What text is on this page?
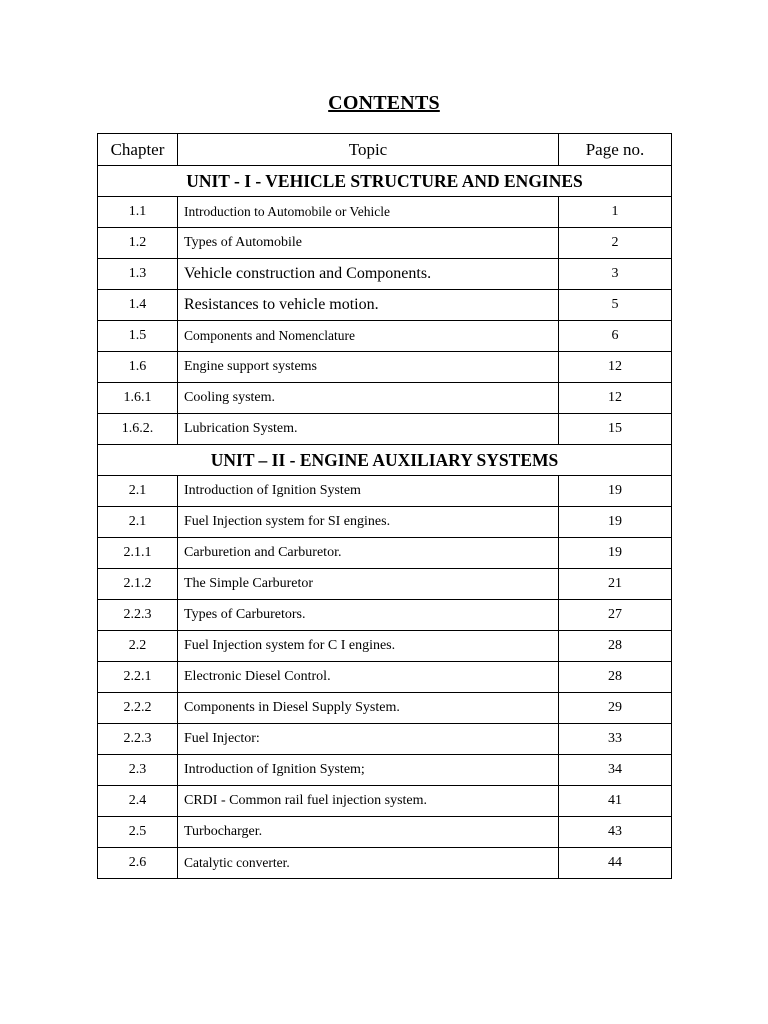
CONTENTS
Chapter	Topic	Page no.
UNIT - I - VEHICLE STRUCTURE AND ENGINES		
1.1	Introduction to Automobile or Vehicle	1
1.2	Types of Automobile	2
1.3	Vehicle construction and Components.	3
1.4	Resistances to vehicle motion.	5
1.5	Components and Nomenclature	6
1.6	Engine support systems	12
1.6.1	Cooling system.	12
1.6.2.	Lubrication System.	15
UNIT – II - ENGINE AUXILIARY SYSTEMS		
2.1	Introduction of Ignition System	19
2.1	Fuel Injection system for SI engines.	19
2.1.1	Carburetion and Carburetor.	19
2.1.2	The Simple Carburetor	21
2.2.3	Types of Carburetors.	27
2.2	Fuel Injection system for C I engines.	28
2.2.1	Electronic Diesel Control.	28
2.2.2	Components in Diesel Supply System.	29
2.2.3	Fuel Injector:	33
2.3	Introduction of Ignition System;	34
2.4	CRDI - Common rail fuel injection system.	41
2.5	Turbocharger.	43
2.6	Catalytic converter.	44
